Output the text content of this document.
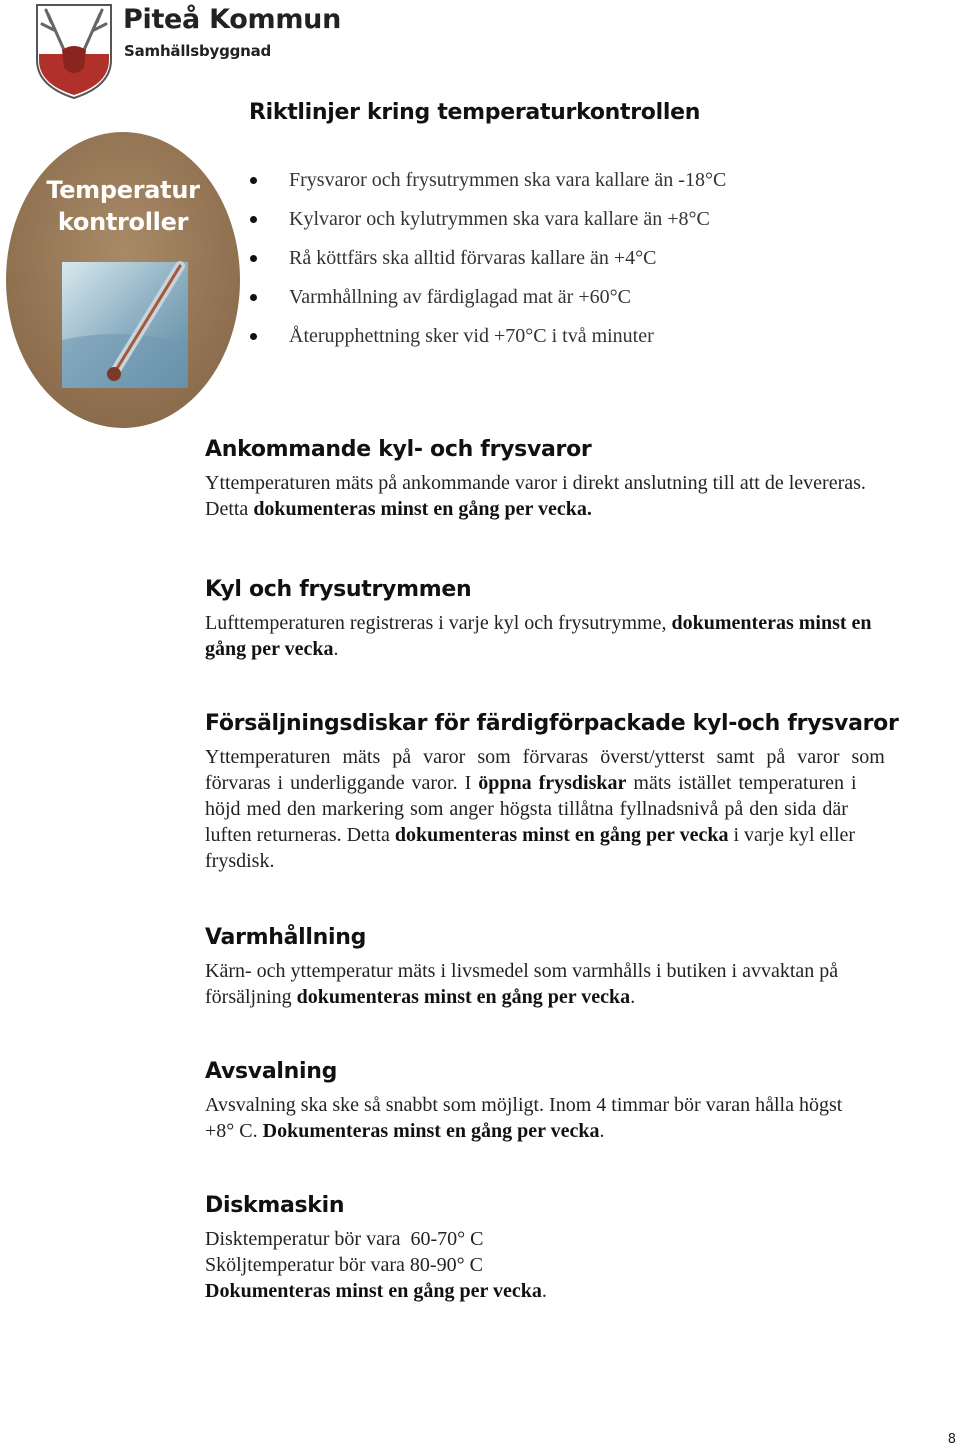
Piteå Kommun
Samhällsbyggnad
Riktlinjer kring temperaturkontrollen
Temperatur
kontroller
Frysvaror och frysutrymmen ska vara kallare än -18°C
Kylvaror och kylutrymmen ska vara kallare än +8°C
Rå köttfärs ska alltid förvaras kallare än +4°C
Varmhållning av färdiglagad mat är +60°C
Återupphettning sker vid +70°C i två minuter
Ankommande kyl- och frysvaror

Yttemperaturen mäts på ankommande varor i direkt anslutning till att de levereras.
Detta dokumenteras minst en gång per vecka.

Kyl och frysutrymmen

Lufttemperaturen registreras i varje kyl och frysutrymme, dokumenteras minst en
gång per vecka.

Försäljningsdiskar för färdigförpackade kyl-och frysvaror

Yttemperaturen mäts på varor som förvaras överst/ytterst samt på varor som
förvaras i underliggande varor. I öppna frysdiskar mäts istället temperaturen i
höjd med den markering som anger högsta tillåtna fyllnadsnivå på den sida där
luften returneras. Detta dokumenteras minst en gång per vecka i varje kyl eller
frysdisk.

Varmhållning

Kärn- och yttemperatur mäts i livsmedel som varmhålls i butiken i avvaktan på
försäljning dokumenteras minst en gång per vecka.

Avsvalning

Avsvalning ska ske så snabbt som möjligt. Inom 4 timmar bör varan hålla högst
+8° C. Dokumenteras minst en gång per vecka.

Diskmaskin

Disktemperatur bör vara  60-70° C
Sköljtemperatur bör vara 80-90° C
Dokumenteras minst en gång per vecka.

8
